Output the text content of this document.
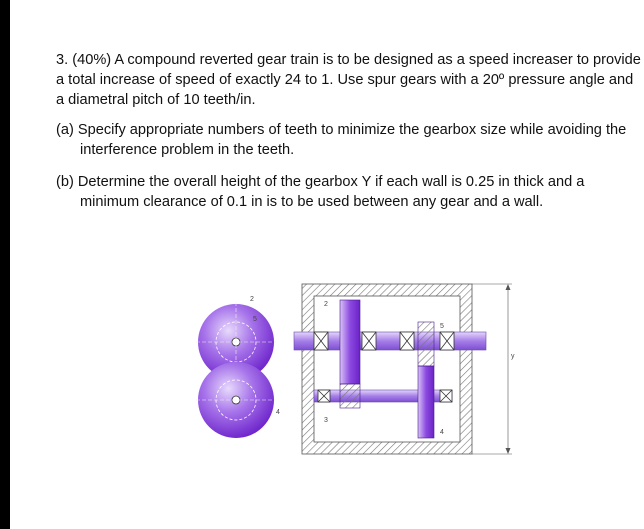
3. (40%) A compound reverted gear train is to be designed as a speed increaser to provide a total increase of speed of exactly 24 to 1. Use spur gears with a 20º pressure angle and a diametral pitch of 10 teeth/in.

(a) Specify appropriate numbers of teeth to minimize the gearbox size while avoiding the interference problem in the teeth.

(b) Determine the overall height of the gearbox Y if each wall is 0.25 in thick and a minimum clearance of 0.1 in is to be used between any gear and a wall.

2
5
4
2
3
4
5
y
